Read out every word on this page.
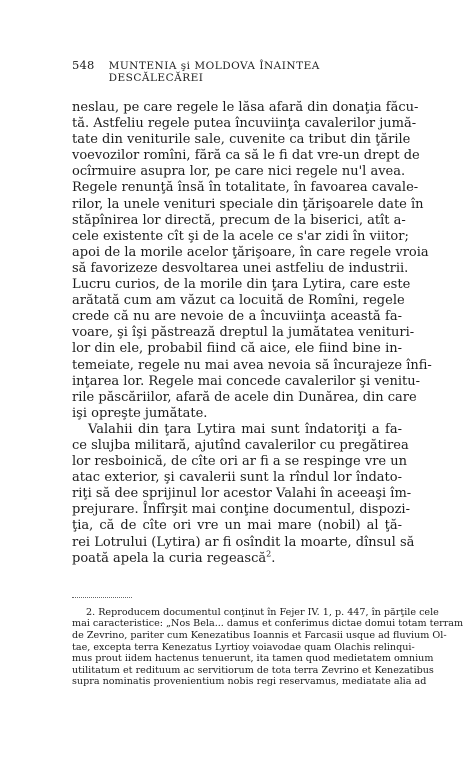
548 MUNTENIA şi MOLDOVA ÎNAINTEA DESCĂLECĂREI

neslau, pe care regele le lăsa afară din donaţia făcu-
tă. Astfeliu regele putea încuviinţa cavalerilor jumă-
tate din veniturile sale, cuvenite ca tribut din ţările
voevozilor romîni, fără ca să le fi dat vre-un drept de
ocîrmuire asupra lor, pe care nici regele nu'l avea.
Regele renunţă însă în totalitate, în favoarea cavale-
rilor, la unele venituri speciale din ţărişoarele date în
stăpînirea lor directă, precum de la biserici, atît a-
cele existente cît şi de la acele ce s'ar zidi în viitor;
apoi de la morile acelor ţărişoare, în care regele vroia
să favorizeze desvoltarea unei astfeliu de industrii.
Lucru curios, de la morile din ţara Lytira, care este
arătată cum am văzut ca locuită de Romîni, regele
crede că nu are nevoie de a încuviinţa această fa-
voare, şi îşi păstrează dreptul la jumătatea venituri-
lor din ele, probabil fiind că aice, ele fiind bine in-
temeiate, regele nu mai avea nevoia să încurajeze înfi-
inţarea lor. Regele mai concede cavalerilor şi venitu-
rile păscăriilor, afară de acele din Dunărea, din care
işi opreşte jumătate.

Valahii din ţara Lytira mai sunt îndatoriţi a fa-
ce slujba militară, ajutînd cavalerilor cu pregătirea
lor resboinică, de cîte ori ar fi a se respinge vre un
atac exterior, şi cavalerii sunt la rîndul lor îndato-
riţi să dee sprijinul lor acestor Valahi în aceeaşi îm-
prejurare. Înfîrşit mai conţine documentul, dispozi-
ţia, că de cîte ori vre un mai mare (nobil) al ţă-
rei Lotrului (Lytira) ar fi osîndit la moarte, dînsul să
poată apela la curia regească$^2$.

2. Reproducem documentul conţinut în Fejer IV. 1, p. 447, în părţile cele
mai caracteristice: „Nos Bela... damus et conferimus dictae domui totam terram
de Zevrino, pariter cum Kenezatibus Ioannis et Farcasii usque ad fluvium Ol-
tae, excepta terra Kenezatus Lyrtioy voiavodae quam Olachis relinqui-
mus prout iidem hactenus tenuerunt, ita tamen quod medietatem omnium
utilitatum et redituum ac servitiorum de tota terra Zevrino et Kenezatibus
supra nominatis provenientium nobis regi reservamus, mediatate alia ad
